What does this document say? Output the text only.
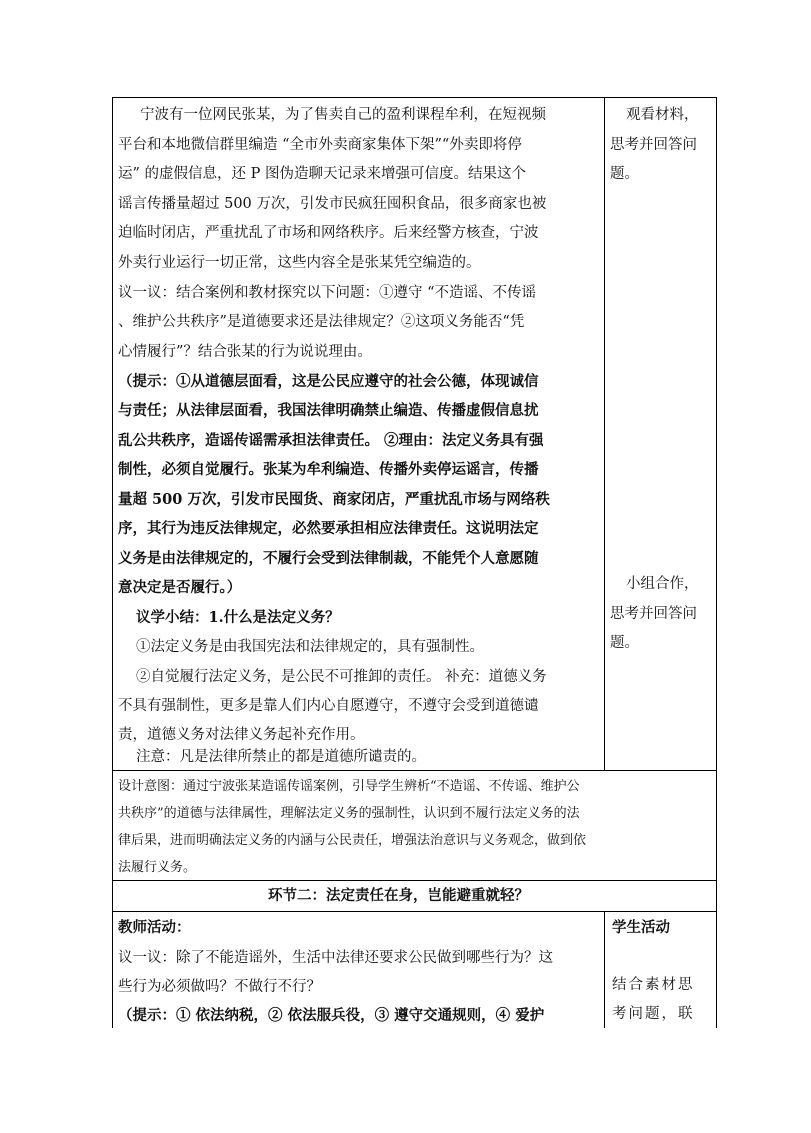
宁波有一位网民张某，为了售卖自己的盈利课程牟利，在短视频
平台和本地微信群里编造 “全市外卖商家集体下架”“外卖即将停
运” 的虚假信息，还 P 图伪造聊天记录来增强可信度。结果这个
谣言传播量超过 500 万次，引发市民疯狂囤积食品，很多商家也被
迫临时闭店，严重扰乱了市场和网络秩序。后来经警方核查，宁波
外卖行业运行一切正常，这些内容全是张某凭空编造的。
议一议：结合案例和教材探究以下问题：①遵守 “不造谣、不传谣
、维护公共秩序”是道德要求还是法律规定？②这项义务能否“凭
心情履行”？结合张某的行为说说理由。
（提示：①从道德层面看，这是公民应遵守的社会公德，体现诚信
与责任；从法律层面看，我国法律明确禁止编造、传播虚假信息扰
乱公共秩序，造谣传谣需承担法律责任。 ②理由：法定义务具有强
制性，必须自觉履行。张某为牟利编造、传播外卖停运谣言，传播
量超 500 万次，引发市民囤货、商家闭店，严重扰乱市场与网络秩
序，其行为违反法律规定，必然要承担相应法律责任。这说明法定
义务是由法律规定的，不履行会受到法律制裁，不能凭个人意愿随
意决定是否履行。）
议学小结：1.什么是法定义务？
①法定义务是由我国宪法和法律规定的，具有强制性。
②自觉履行法定义务，是公民不可推卸的责任。 补充：道德义务
不具有强制性，更多是靠人们内心自愿遵守，不遵守会受到道德谴
责，道德义务对法律义务起补充作用。
注意：凡是法律所禁止的都是道德所谴责的。
观看材料，
思考并回答问
题。
小组合作，
思考并回答问
题。
设计意图：通过宁波张某造谣传谣案例，引导学生辨析“不造谣、不传谣、维护公
共秩序”的道德与法律属性，理解法定义务的强制性，认识到不履行法定义务的法
律后果，进而明确法定义务的内涵与公民责任，增强法治意识与义务观念，做到依
法履行义务。
环节二：法定责任在身，岂能避重就轻？
教师活动：
议一议：除了不能造谣外，生活中法律还要求公民做到哪些行为？这
些行为必须做吗？不做行不行？
（提示：① 依法纳税，② 依法服兵役，③ 遵守交通规则，④ 爱护
学生活动
结合素材思
考问题，联
